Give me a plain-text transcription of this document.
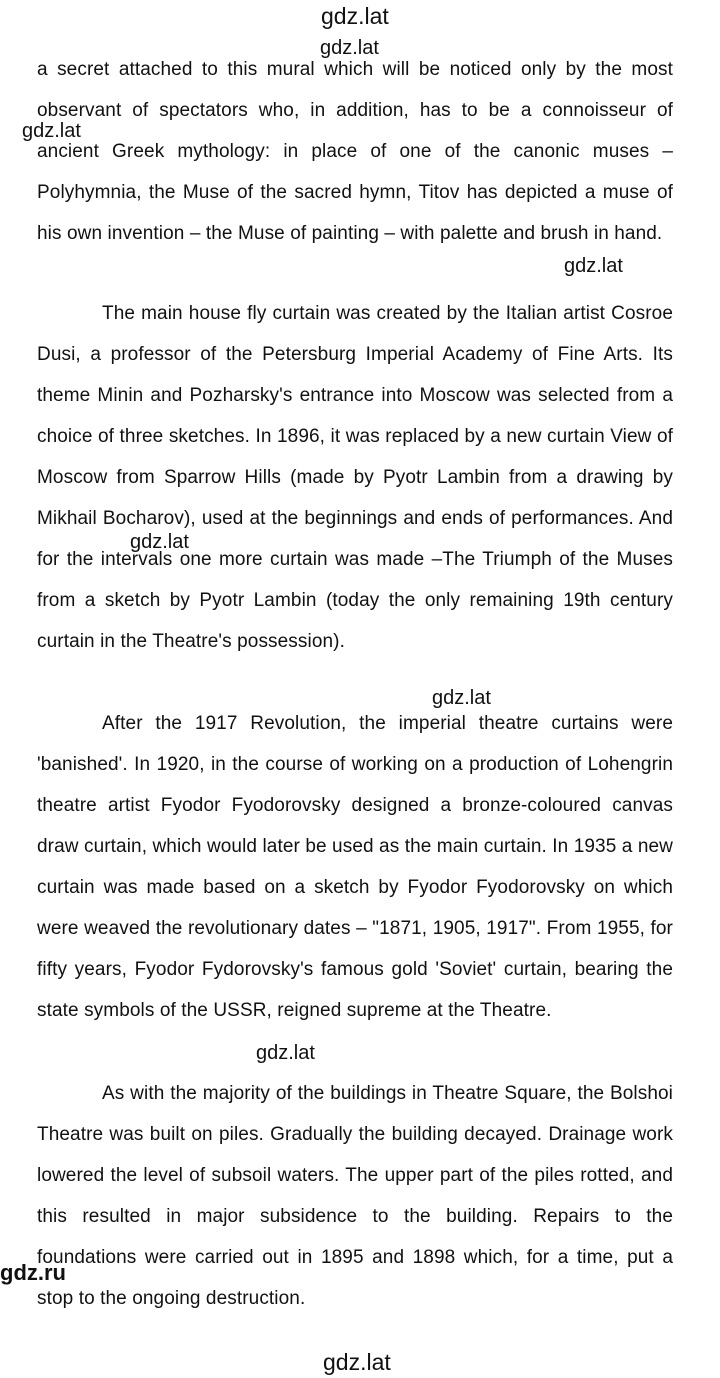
gdz.lat
gdz.lat

a secret attached to this mural which will be noticed only by the most observant of spectators who, in addition, has to be a connoisseur of ancient Greek mythology: in place of one of the canonic muses – Polyhymnia, the Muse of the sacred hymn, Titov has depicted a muse of his own invention – the Muse of painting – with palette and brush in hand.

The main house fly curtain was created by the Italian artist Cosroe Dusi, a professor of the Petersburg Imperial Academy of Fine Arts. Its theme Minin and Pozharsky's entrance into Moscow was selected from a choice of three sketches. In 1896, it was replaced by a new curtain View of Moscow from Sparrow Hills (made by Pyotr Lambin from a drawing by Mikhail Bocharov), used at the beginnings and ends of performances. And for the intervals one more curtain was made –The Triumph of the Muses from a sketch by Pyotr Lambin (today the only remaining 19th century curtain in the Theatre's possession).

After the 1917 Revolution, the imperial theatre curtains were 'banished'. In 1920, in the course of working on a production of Lohengrin theatre artist Fyodor Fyodorovsky designed a bronze-coloured canvas draw curtain, which would later be used as the main curtain. In 1935 a new curtain was made based on a sketch by Fyodor Fyodorovsky on which were weaved the revolutionary dates – "1871, 1905, 1917". From 1955, for fifty years, Fyodor Fydorovsky's famous gold 'Soviet' curtain, bearing the state symbols of the USSR, reigned supreme at the Theatre.

As with the majority of the buildings in Theatre Square, the Bolshoi Theatre was built on piles. Gradually the building decayed. Drainage work lowered the level of subsoil waters. The upper part of the piles rotted, and this resulted in major subsidence to the building. Repairs to the foundations were carried out in 1895 and 1898 which, for a time, put a stop to the ongoing destruction.

gdz.lat
gdz.lat
gdz.lat
gdz.lat
gdz.lat
gdz.ru
gdz.lat
